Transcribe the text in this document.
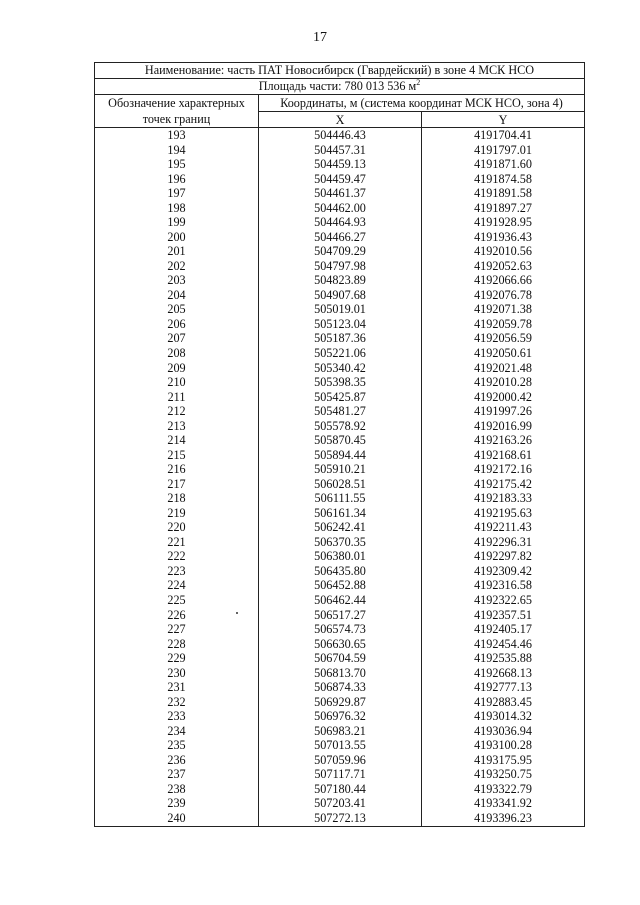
17
Наименование: часть ПАТ Новосибирск (Гвардейский) в зоне 4 МСК НСО		
Площадь части: 780 013 536 $м^2$
Обозначение характерных точек границ	Координаты, м (система координат МСК НСО, зона 4)	
	X	Y
193	504446.43	4191704.41
194	504457.31	4191797.01
195	504459.13	4191871.60
196	504459.47	4191874.58
197	504461.37	4191891.58
198	504462.00	4191897.27
199	504464.93	4191928.95
200	504466.27	4191936.43
201	504709.29	4192010.56
202	504797.98	4192052.63
203	504823.89	4192066.66
204	504907.68	4192076.78
205	505019.01	4192071.38
206	505123.04	4192059.78
207	505187.36	4192056.59
208	505221.06	4192050.61
209	505340.42	4192021.48
210	505398.35	4192010.28
211	505425.87	4192000.42
212	505481.27	4191997.26
213	505578.92	4192016.99
214	505870.45	4192163.26
215	505894.44	4192168.61
216	505910.21	4192172.16
217	506028.51	4192175.42
218	506111.55	4192183.33
219	506161.34	4192195.63
220	506242.41	4192211.43
221	506370.35	4192296.31
222	506380.01	4192297.82
223	506435.80	4192309.42
224	506452.88	4192316.58
225	506462.44	4192322.65
226	506517.27	4192357.51
227	506574.73	4192405.17
228	506630.65	4192454.46
229	506704.59	4192535.88
230	506813.70	4192668.13
231	506874.33	4192777.13
232	506929.87	4192883.45
233	506976.32	4193014.32
234	506983.21	4193036.94
235	507013.55	4193100.28
236	507059.96	4193175.95
237	507117.71	4193250.75
238	507180.44	4193322.79
239	507203.41	4193341.92
240	507272.13	4193396.23
